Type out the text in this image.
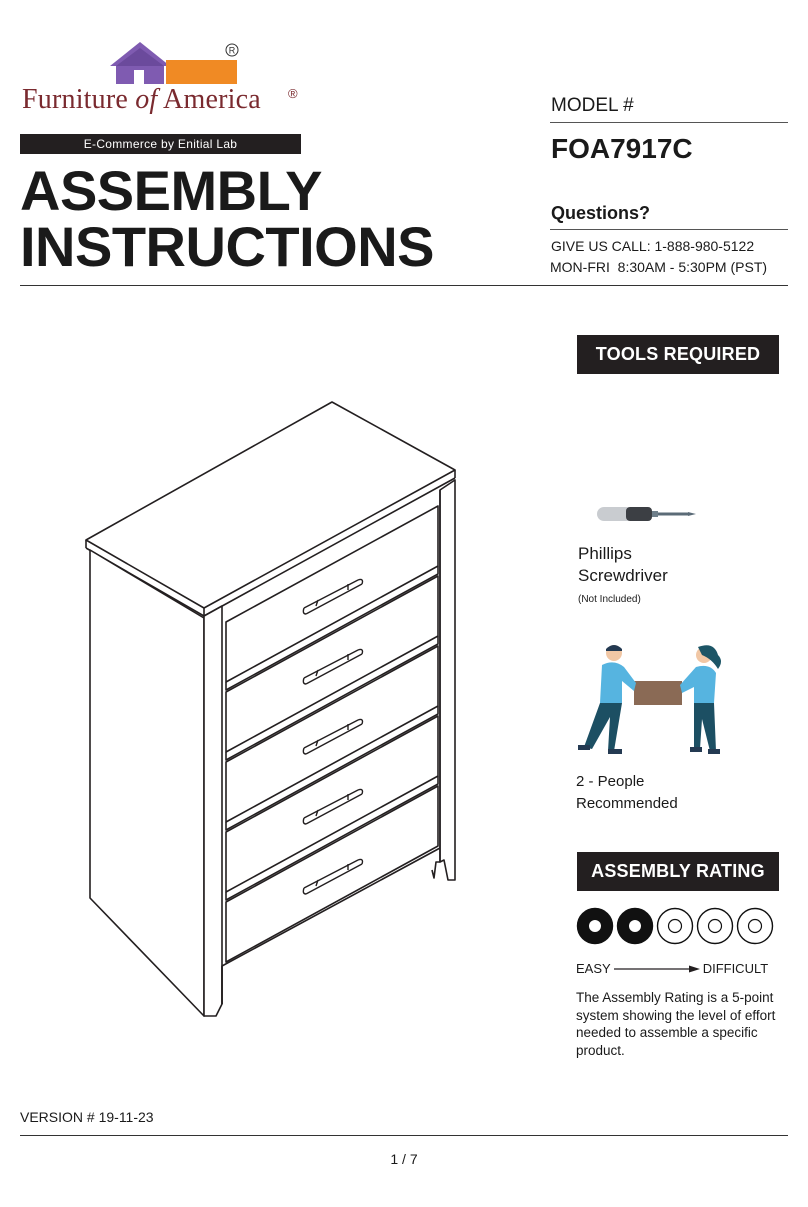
R
Furniture of America ®
E-Commerce by Enitial Lab
ASSEMBLY
INSTRUCTIONS
MODEL #
FOA7917C
Questions?
GIVE US CALL: 1-888-980-5122
MON-FRI  8:30AM - 5:30PM (PST)
TOOLS REQUIRED
Phillips
Screwdriver
(Not Included)
2 - People
Recommended
ASSEMBLY RATING
EASY	DIFFICULT
The Assembly Rating is a 5-point system showing the level of effort needed to assemble a specific product.
VERSION # 19-11-23
1 / 7
